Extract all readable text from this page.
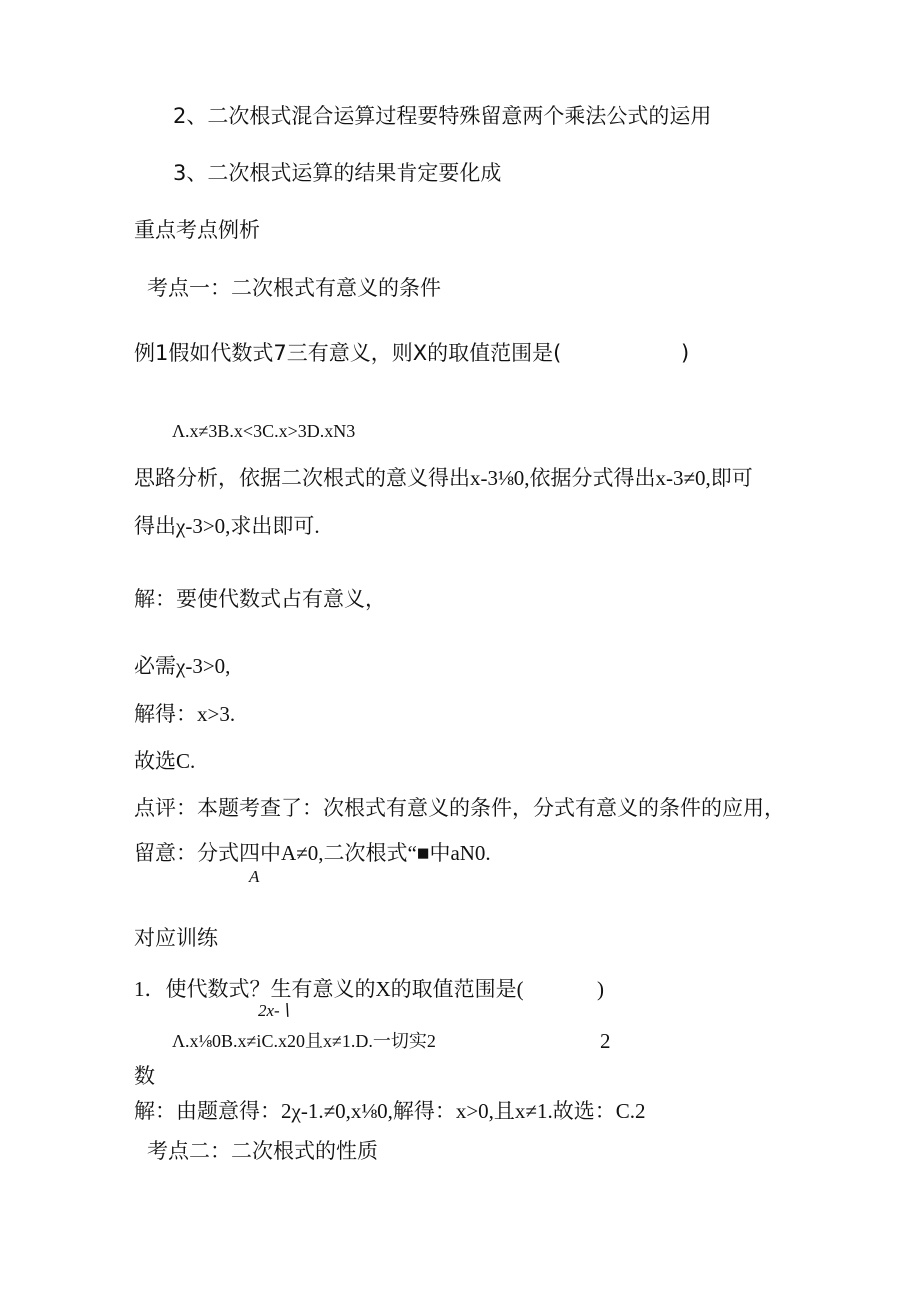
2、二次根式混合运算过程要特殊留意两个乘法公式的运用
3、二次根式运算的结果肯定要化成
重点考点例析
考点一：二次根式有意义的条件
例1假如代数式7三有意义，则X的取值范围是(	)
Λ.x≠3B.x<3C.x>3D.xN3
思路分析，依据二次根式的意义得出x-3⅛0,依据分式得出x-3≠0,即可
得出χ-3>0,求出即可.
解：要使代数式占有意义，
必需χ-3>0,
解得：x>3.
故选C.
点评：本题考查了：次根式有意义的条件，分式有意义的条件的应用，
留意：分式四中A≠0,二次根式“■中aN0.
A
对应训练
1．使代数式？生有意义的X的取值范围是(	)
2x-∖
Λ.x⅛0B.x≠iC.x20且x≠1.D.一切实2	2
数
解：由题意得：2χ-1.≠0,x⅛0,解得：x>0,且x≠1.故选：C.2
考点二：二次根式的性质
